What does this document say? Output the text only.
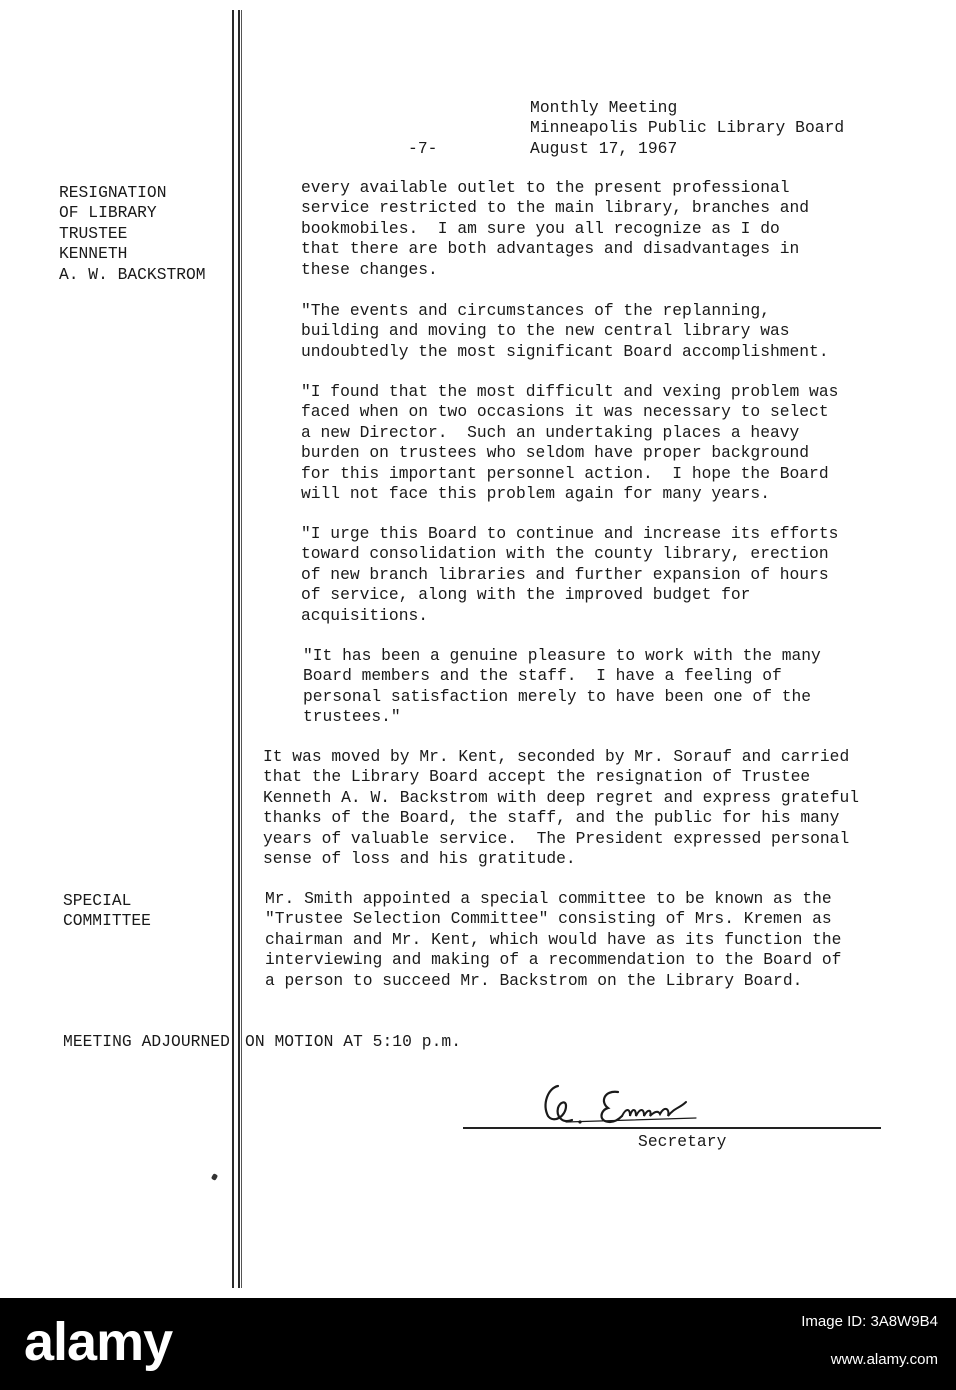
Monthly Meeting
Minneapolis Public Library Board
August 17, 1967
-7-
RESIGNATION
OF LIBRARY
TRUSTEE
KENNETH
A. W. BACKSTROM
SPECIAL
COMMITTEE
every available outlet to the present professional
service restricted to the main library, branches and
bookmobiles.  I am sure you all recognize as I do
that there are both advantages and disadvantages in
these changes.
"The events and circumstances of the replanning,
building and moving to the new central library was
undoubtedly the most significant Board accomplishment.
"I found that the most difficult and vexing problem was
faced when on two occasions it was necessary to select
a new Director.  Such an undertaking places a heavy
burden on trustees who seldom have proper background
for this important personnel action.  I hope the Board
will not face this problem again for many years.
"I urge this Board to continue and increase its efforts
toward consolidation with the county library, erection
of new branch libraries and further expansion of hours
of service, along with the improved budget for
acquisitions.
"It has been a genuine pleasure to work with the many
Board members and the staff.  I have a feeling of
personal satisfaction merely to have been one of the
trustees."
It was moved by Mr. Kent, seconded by Mr. Sorauf and carried
that the Library Board accept the resignation of Trustee
Kenneth A. W. Backstrom with deep regret and express grateful
thanks of the Board, the staff, and the public for his many
years of valuable service.  The President expressed personal
sense of loss and his gratitude.
Mr. Smith appointed a special committee to be known as the
"Trustee Selection Committee" consisting of Mrs. Kremen as
chairman and Mr. Kent, which would have as its function the
interviewing and making of a recommendation to the Board of
a person to succeed Mr. Backstrom on the Library Board.
MEETING ADJOURNED ON MOTION AT 5:10 p.m.
Secretary
alamy	Image ID: 3A8W9B4
www.alamy.com
